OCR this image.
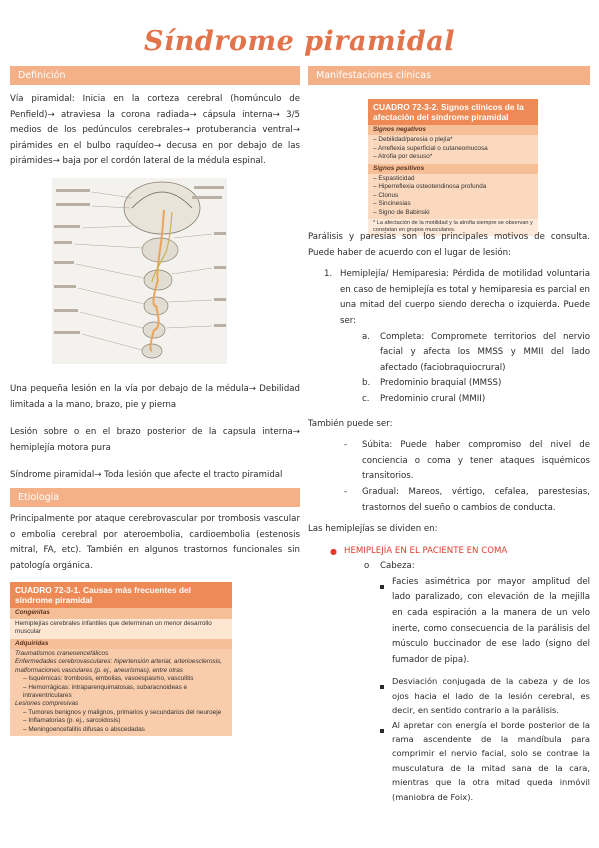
Síndrome piramidal
Definición

Vía piramidal: Inicia en la corteza cerebral (homúnculo de Penfield)→ atraviesa la corona radiada→ cápsula interna→ 3/5 medios de los pedúnculos cerebrales→ protuberancia ventral→ pirámides en el bulbo raquídeo→ decusa en por debajo de las pirámides→ baja por el cordón lateral de la médula espinal.

Una pequeña lesión en la vía por debajo de la médula→ Debilidad limitada a la mano, brazo, pie y pierna

Lesión sobre o en el brazo posterior de la capsula interna→ hemiplejía motora pura

Síndrome piramidal→ Toda lesión que afecte el tracto piramidal

Etiología

Principalmente por ataque cerebrovascular por trombosis vascular o embolia cerebral por ateroembolia, cardioembolia (estenosis mitral, FA, etc). También en algunos trastornos funcionales sin patología orgánica.

CUADRO 72-3-1. Causas más frecuentes del síndrome piramidal
Congénitas
Hemiplejías cerebrales infantiles que determinan un menor desarrollo muscular
Adquiridas
Traumatismos craneoencefálicos
Enfermedades cerebrovasculares: hipertensión arterial, arterioesclerosis, malformaciones vasculares (p. ej., aneurismas), entre otras
– Isquémicas: trombosis, embolias, vasoespasmo, vasculitis
– Hemorrágicas: intraparenquimatosas, subaracnoideas e intraventriculares
Lesiones compresivas
– Tumores benignos y malignos, primarios y secundarios del neuroeje
– Inflamatorias (p. ej., sarcoidosis)
– Meningoencefalitis difusas o abscedadas
Manifestaciones clínicas
CUADRO 72-3-2. Signos clínicos de la afectación del síndrome piramidal
Signos negativos
– Debilidad/paresia o plejía*
– Arreflexia superficial o cutaneomucosa
– Atrofia por desuso*
Signos positivos
– Espasticidad
– Hiperreflexia osteotendinosa profunda
– Clonus
– Sincinesias
– Signo de Babinski
* La afectación de la motilidad y la atrofia siempre se observan y constatan en grupos musculares.

Parálisis y paresias son los principales motivos de consulta. Puede haber de acuerdo con el lugar de lesión:

1. Hemiplejía/ Hemiparesia: Pérdida de motilidad voluntaria en caso de hemiplejía es total y hemiparesia es parcial en una mitad del cuerpo siendo derecha o izquierda. Puede ser:
a. Completa: Compromete territorios del nervio facial y afecta los MMSS y MMII del lado afectado (faciobraquiocrural)
b. Predominio braquial (MMSS)
c. Predominio crural (MMII)

También puede ser:

- Súbita: Puede haber compromiso del nivel de conciencia o coma y tener ataques isquémicos transitorios.
- Gradual: Mareos, vértigo, cefalea, parestesias, trastornos del sueño o cambios de conducta.

Las hemiplejías se dividen en:

● HEMIPLEJÍA EN EL PACIENTE EN COMA
o Cabeza:
Facies asimétrica por mayor amplitud del lado paralizado, con elevación de la mejilla en cada espiración a la manera de un velo inerte, como consecuencia de la parálisis del músculo buccinador de ese lado (signo del fumador de pipa).
Desviación conjugada de la cabeza y de los ojos hacia el lado de la lesión cerebral, es decir, en sentido contrario a la parálisis.
Al apretar con energía el borde posterior de la rama ascendente de la mandíbula para comprimir el nervio facial, solo se contrae la musculatura de la mitad sana de la cara, mientras que la otra mitad queda inmóvil (maniobra de Foix).
